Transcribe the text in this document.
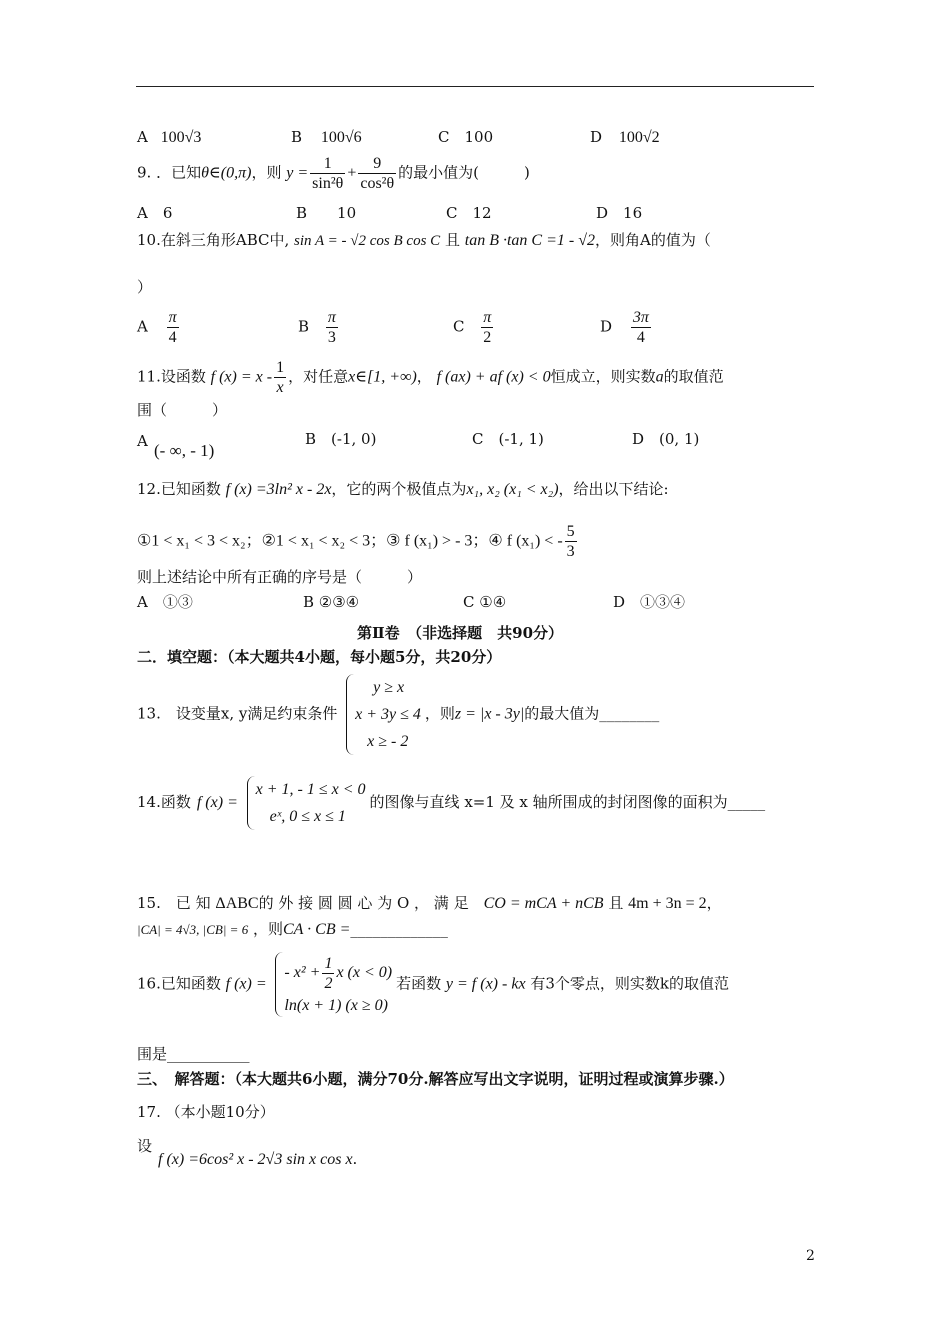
A 100√3	B 100√6	C　100	D 100√2
9. ．已知θ∈(0,π)，则 $y = \frac{1}{\text{sin²θ}} + \frac{9}{\text{cos²θ}}$ 的最小值为(　　　)
A　6	B　　10	C　12	D　16
10.在斜三角形ABC中, sin A = - √2 cos B cos C 且 tan B ·tan C =1 - √2，则角A的值为（
）
A $\frac{\pi}{4}$	B $\frac{\pi}{3}$	C $\frac{\pi}{2}$	D $\frac{3\pi}{4}$
11.设函数 f $(x) = x - \frac{1}{x}$ ，对任意x∈[1, +∞)， f (ax) + af (x) < 0恒成立，则实数a的取值范
围（　　　）
A (- ∞, - 1)
B　(-1, 0)	C　(-1, 1)	D　(0, 1)
12.已知函数 f (x) =3ln² x - 2x，它的两个极值点为x₁, x₂ (x₁ < x₂)，给出以下结论:
①1 < x₁ < 3 < x₂；②1 < x₁ < x₂ < 3；③ f (x₁) > - 3；④ f (x₁) < - $\frac{5}{3}$
则上述结论中所有正确的序号是（　　　）
A　①③	B ②③④	C ①④	D　①③④
第Ⅱ卷　（非选择题　共90分）
二．填空题：（本大题共4小题，每小题5分，共20分）
13.　设变量x, y满足约束条件
y ≥ x
x + 3y ≤ 4
x ≥ - 2
，则z = |x - 3y|的最大值为________
14.函数 f (x) =
x + 1, - 1 ≤ x < 0
eˣ, 0 ≤ x ≤ 1
的图像与直线 x=1 及 x 轴所围成的封闭图像的面积为_____
15.　已 知 ΔABC的 外 接 圆 圆 心 为 O ， 满 足　 CO = mCA + nCB 且 4m + 3n = 2，
|CA| = 4√3, |CB| = 6 ，则CA · CB =_____________
16.已知函数 f (x) =
- $x^2 + \frac{1}{2}$ x (x < 0)
ln(x + 1) (x ≥ 0)
若函数 y = f (x) - kx 有3个零点，则实数k的取值范
围是___________
三、　解答题：（本大题共6小题，满分70分.解答应写出文字说明，证明过程或演算步骤.）
17. （本小题10分）
设
f (x) =6cos² x - 2√3 sin x cos x.
2
